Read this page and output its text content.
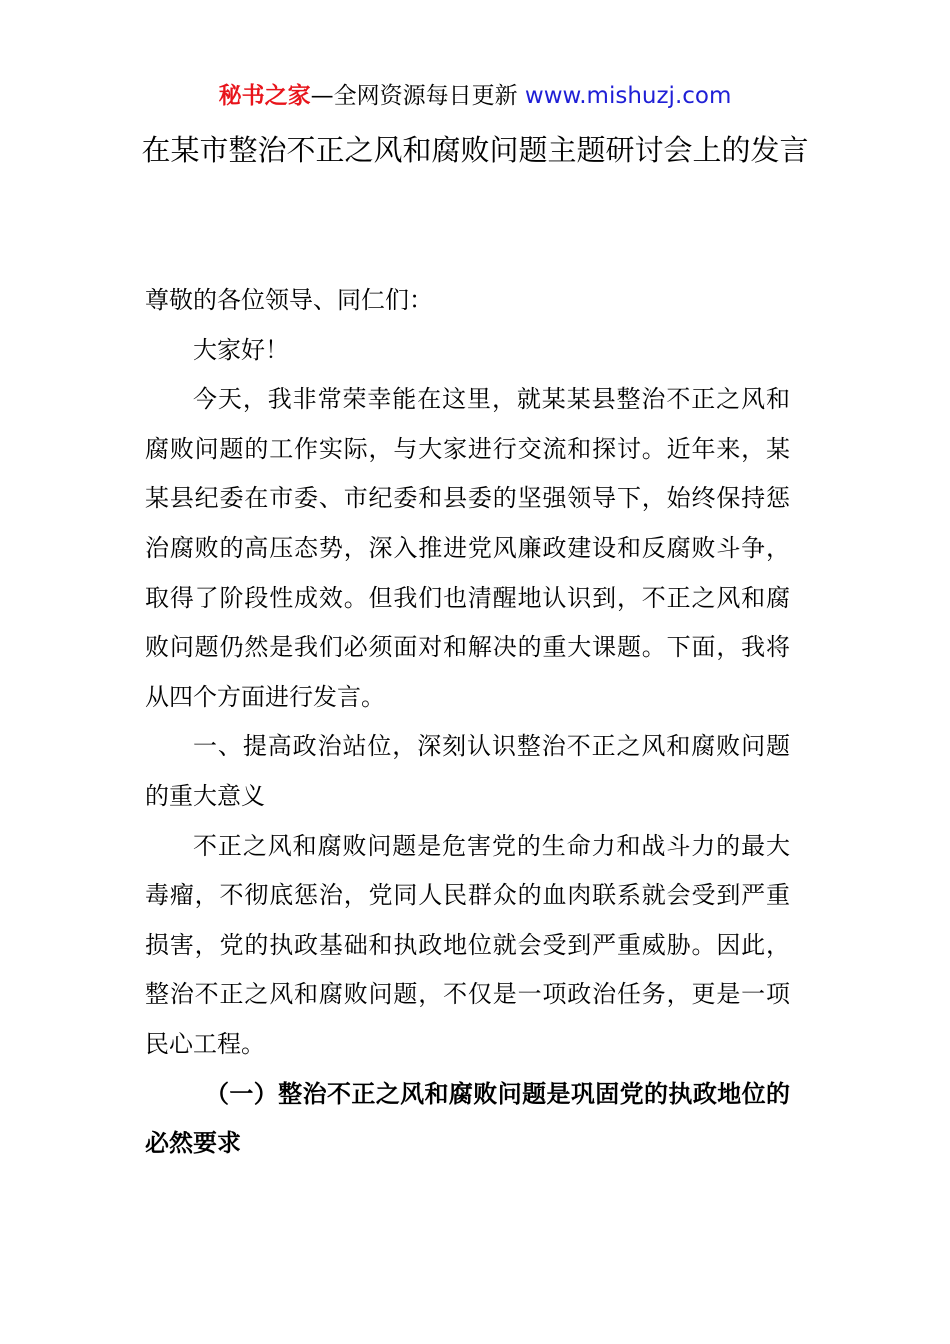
秘书之家—全网资源每日更新 www.mishuzj.com
在某市整治不正之风和腐败问题主题研讨会上的发言

尊敬的各位领导、同仁们：

大家好！

今天，我非常荣幸能在这里，就某某县整治不正之风和腐败问题的工作实际，与大家进行交流和探讨。近年来，某某县纪委在市委、市纪委和县委的坚强领导下，始终保持惩治腐败的高压态势，深入推进党风廉政建设和反腐败斗争，取得了阶段性成效。但我们也清醒地认识到，不正之风和腐败问题仍然是我们必须面对和解决的重大课题。下面，我将从四个方面进行发言。

一、提高政治站位，深刻认识整治不正之风和腐败问题的重大意义

不正之风和腐败问题是危害党的生命力和战斗力的最大毒瘤，不彻底惩治，党同人民群众的血肉联系就会受到严重损害，党的执政基础和执政地位就会受到严重威胁。因此，整治不正之风和腐败问题，不仅是一项政治任务，更是一项民心工程。

（一）整治不正之风和腐败问题是巩固党的执政地位的必然要求
